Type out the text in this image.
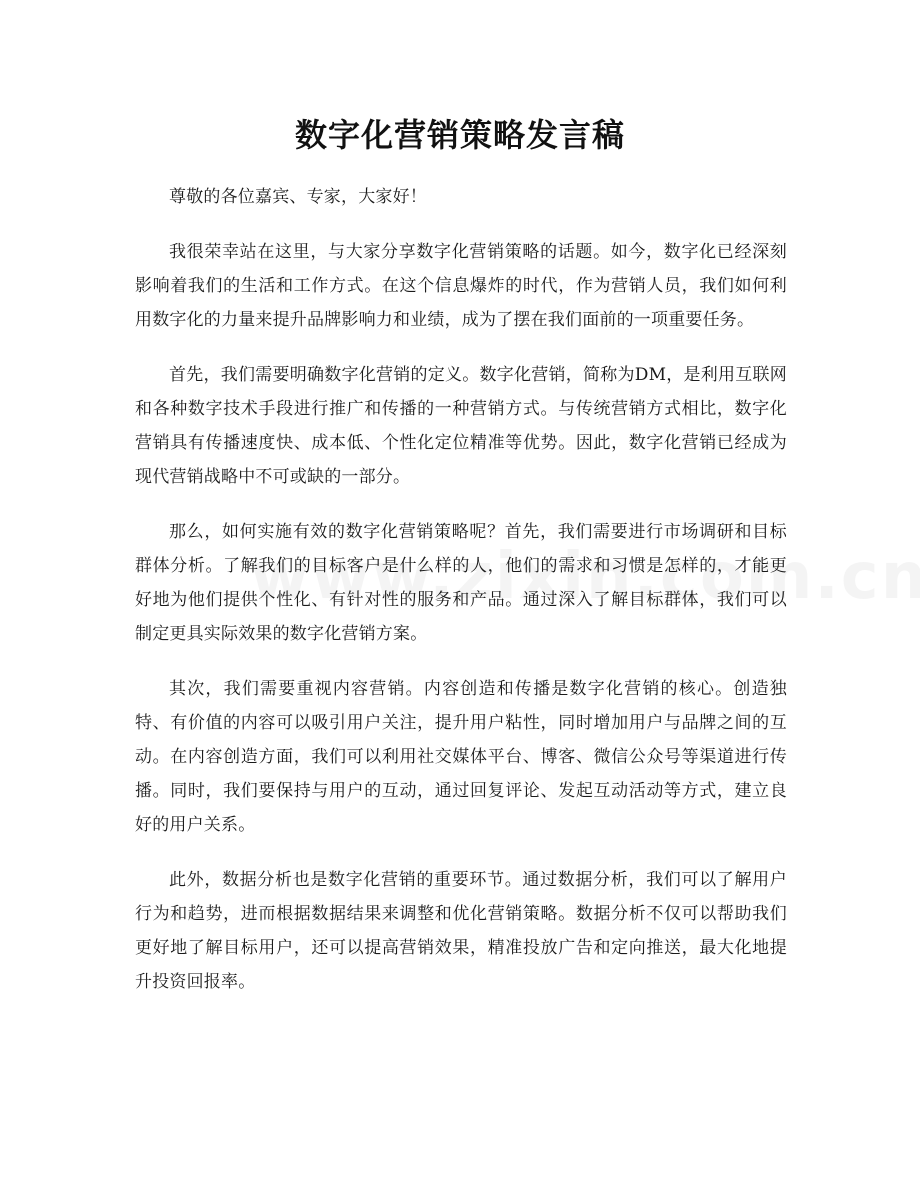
数字化营销策略发言稿

尊敬的各位嘉宾、专家，大家好！

我很荣幸站在这里，与大家分享数字化营销策略的话题。如今，数字化已经深刻影响着我们的生活和工作方式。在这个信息爆炸的时代，作为营销人员，我们如何利用数字化的力量来提升品牌影响力和业绩，成为了摆在我们面前的一项重要任务。

首先，我们需要明确数字化营销的定义。数字化营销，简称为DM，是利用互联网和各种数字技术手段进行推广和传播的一种营销方式。与传统营销方式相比，数字化营销具有传播速度快、成本低、个性化定位精准等优势。因此，数字化营销已经成为现代营销战略中不可或缺的一部分。

那么，如何实施有效的数字化营销策略呢？首先，我们需要进行市场调研和目标群体分析。了解我们的目标客户是什么样的人，他们的需求和习惯是怎样的，才能更好地为他们提供个性化、有针对性的服务和产品。通过深入了解目标群体，我们可以制定更具实际效果的数字化营销方案。

其次，我们需要重视内容营销。内容创造和传播是数字化营销的核心。创造独特、有价值的内容可以吸引用户关注，提升用户粘性，同时增加用户与品牌之间的互动。在内容创造方面，我们可以利用社交媒体平台、博客、微信公众号等渠道进行传播。同时，我们要保持与用户的互动，通过回复评论、发起互动活动等方式，建立良好的用户关系。

此外，数据分析也是数字化营销的重要环节。通过数据分析，我们可以了解用户行为和趋势，进而根据数据结果来调整和优化营销策略。数据分析不仅可以帮助我们更好地了解目标用户，还可以提高营销效果，精准投放广告和定向推送，最大化地提升投资回报率。
